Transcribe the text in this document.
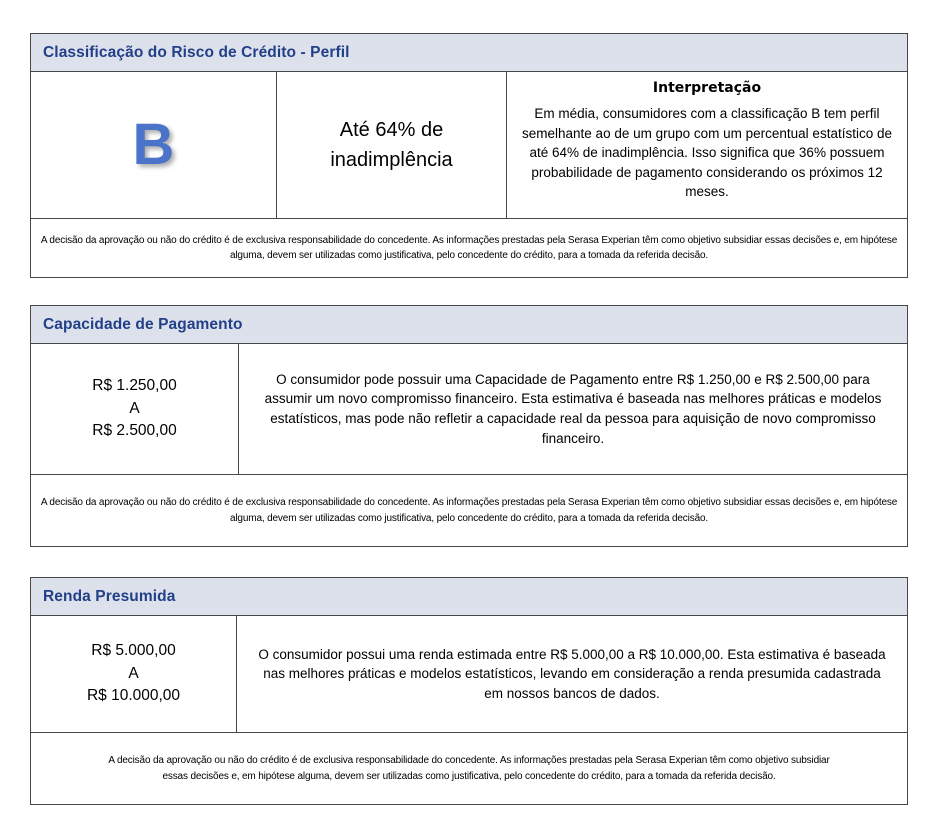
Classificação do Risco de Crédito - Perfil
B	Até 64% de inadimplência
Interpretação
Em média, consumidores com a classificação B tem perfil semelhante ao de um grupo com um percentual estatístico de até 64% de inadimplência. Isso significa que 36% possuem probabilidade de pagamento considerando os próximos 12 meses.
A decisão da aprovação ou não do crédito é de exclusiva responsabilidade do concedente. As informações prestadas pela Serasa Experian têm como objetivo subsidiar essas decisões e, em hipótese alguma, devem ser utilizadas como justificativa, pelo concedente do crédito, para a tomada da referida decisão.
Capacidade de Pagamento
R$ 1.250,00
A
R$ 2.500,00
O consumidor pode possuir uma Capacidade de Pagamento entre R$ 1.250,00 e R$ 2.500,00 para assumir um novo compromisso financeiro. Esta estimativa é baseada nas melhores práticas e modelos estatísticos, mas pode não refletir a capacidade real da pessoa para aquisição de novo compromisso financeiro.
A decisão da aprovação ou não do crédito é de exclusiva responsabilidade do concedente. As informações prestadas pela Serasa Experian têm como objetivo subsidiar essas decisões e, em hipótese alguma, devem ser utilizadas como justificativa, pelo concedente do crédito, para a tomada da referida decisão.
Renda Presumida
R$ 5.000,00
A
R$ 10.000,00
O consumidor possui uma renda estimada entre R$ 5.000,00 a R$ 10.000,00. Esta estimativa é baseada nas melhores práticas e modelos estatísticos, levando em consideração a renda presumida cadastrada em nossos bancos de dados.
A decisão da aprovação ou não do crédito é de exclusiva responsabilidade do concedente. As informações prestadas pela Serasa Experian têm como objetivo subsidiar essas decisões e, em hipótese alguma, devem ser utilizadas como justificativa, pelo concedente do crédito, para a tomada da referida decisão.
